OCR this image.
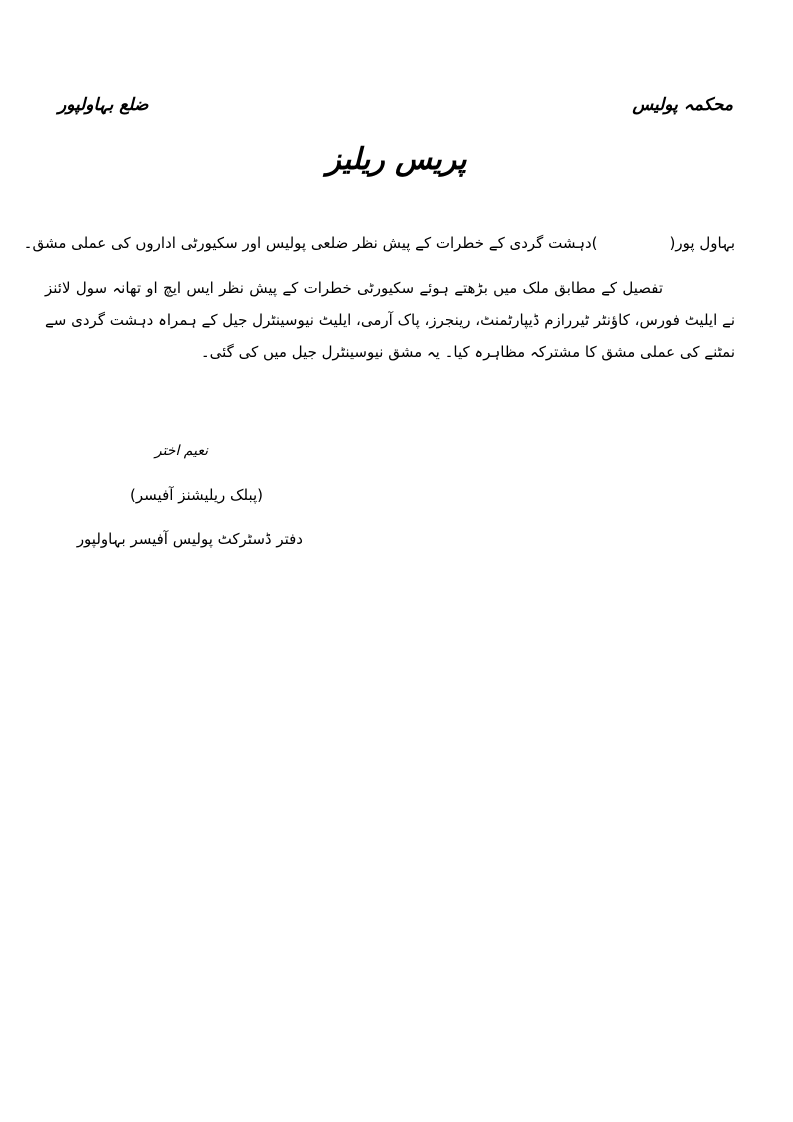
محکمہ پولیس
ضلع بہاولپور
پریس ریلیز
بہاول پور()دہشت گردی کے خطرات کے پیش نظر ضلعی پولیس اور سکیورٹی اداروں کی عملی مشق۔
تفصیل کے مطابق ملک میں بڑھتے ہوئے سکیورٹی خطرات کے پیش نظر ایس ایچ او تھانہ سول لائنز نے ایلیٹ فورس، کاؤنٹر ٹیررازم ڈیپارٹمنٹ، رینجرز، پاک آرمی، ایلیٹ نیوسینٹرل جیل کے ہمراہ دہشت گردی سے نمٹنے کی عملی مشق کا مشترکہ مظاہرہ کیا۔ یہ مشق نیوسینٹرل جیل میں کی گئی۔
نعیم اختر
(پبلک ریلیشنز آفیسر)
دفتر ڈسٹرکٹ پولیس آفیسر بہاولپور
